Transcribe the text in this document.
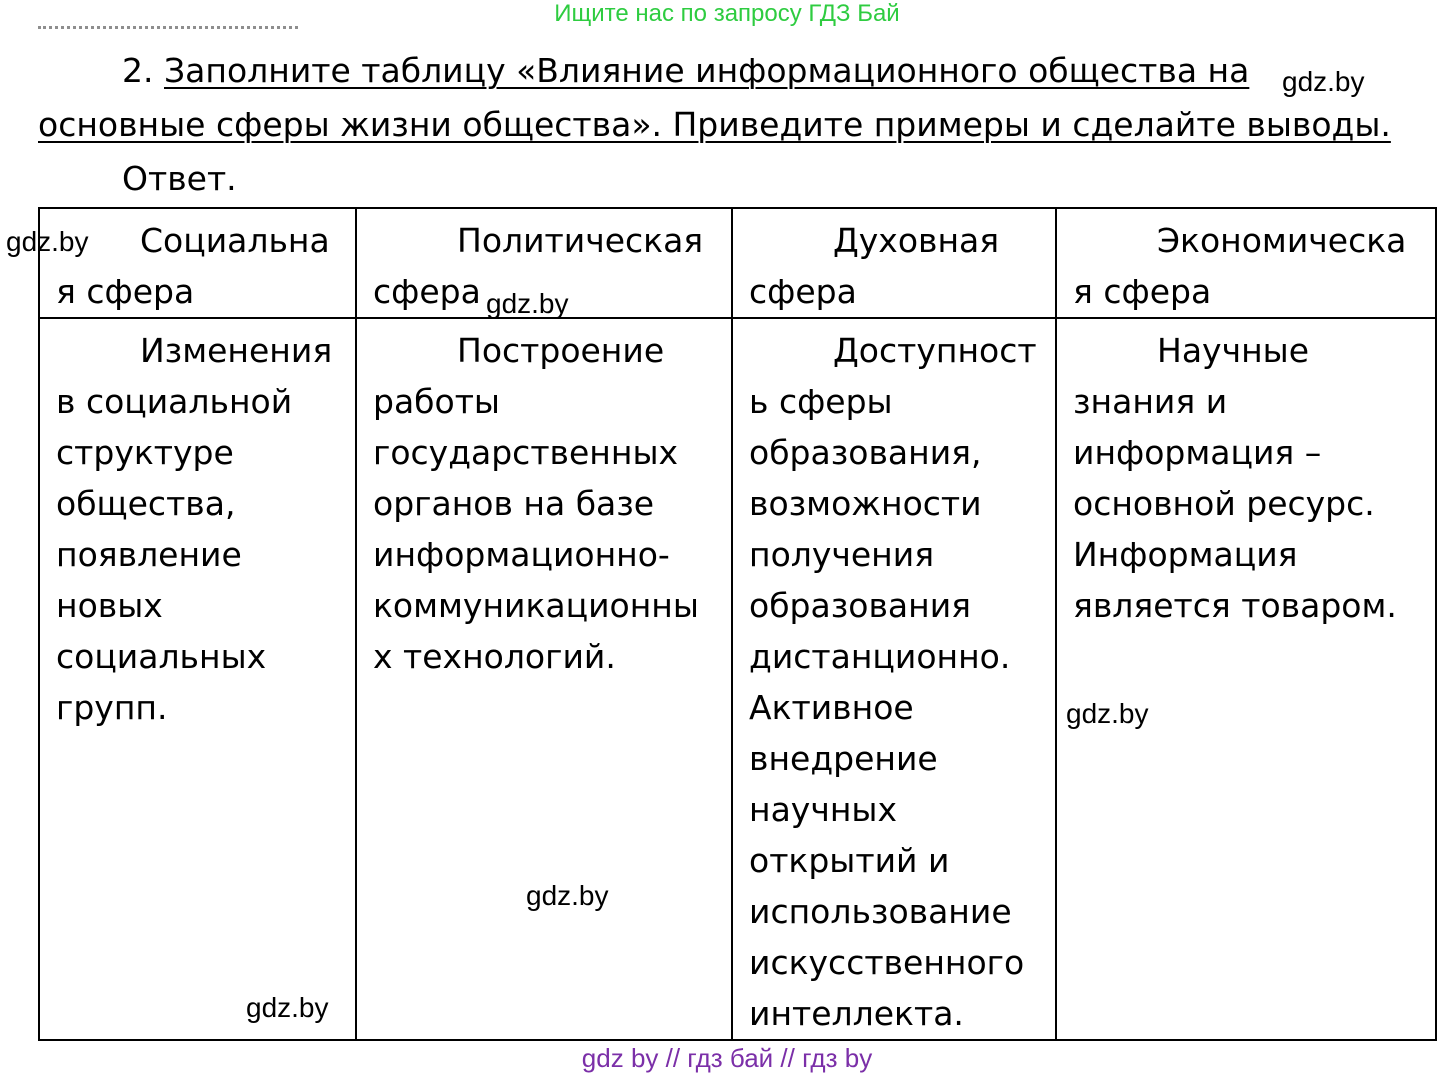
Ищите нас по запросу ГДЗ Бай
2. Заполните таблицу «Влияние информационного общества на
основные сферы жизни общества». Приведите примеры и сделайте выводы.
Ответ.
Социальная сфера	Политическая сфера	Духовная сфера	Экономическая сфера

Изменения в социальной структуре общества, появление новых социальных групп.	Построение работы государственных органов на базе информационно-коммуникационных технологий.	Доступность сферы образования, возможности получения образования дистанционно. Активное внедрение научных открытий и использование искусственного интеллекта.	Научные знания и информация – основной ресурс. Информация является товаром.
gdz.by
gdz.by
gdz.by
gdz.by
gdz.by
gdz.by
gdz by // гдз бай // гдз by
